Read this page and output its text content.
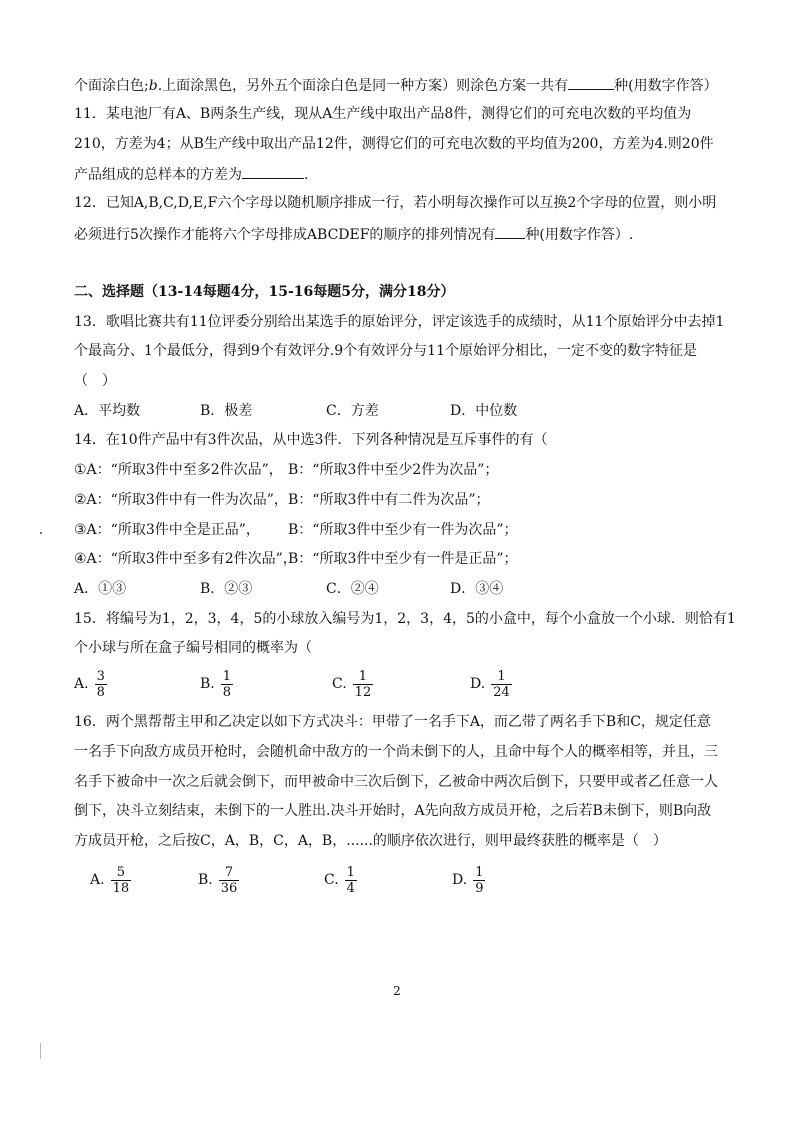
个面涂白色;b.上面涂黑色，另外五个面涂白色是同一种方案）则涂色方案一共有	种(用数字作答）
11．某电池厂有A、B两条生产线，现从A生产线中取出产品8件，测得它们的可充电次数的平均值为
210，方差为4；从B生产线中取出产品12件，测得它们的可充电次数的平均值为200，方差为4.则20件
产品组成的总样本的方差为	.
12．已知A,B,C,D,E,F六个字母以随机顺序排成一行，若小明每次操作可以互换2个字母的位置，则小明
必须进行5次操作才能将六个字母排成ABCDEF的顺序的排列情况有 种(用数字作答）.
二、选择题（13-14每题4分，15-16每题5分，满分18分）
13．歌唱比赛共有11位评委分别给出某选手的原始评分，评定该选手的成绩时，从11个原始评分中去掉1
个最高分、1个最低分，得到9个有效评分.9个有效评分与11个原始评分相比，一定不变的数字特征是
（　）
A．平均数	B．极差	C．方差	D．中位数
14．在10件产品中有3件次品，从中选3件．下列各种情况是互斥事件的有（
①A：“所取3件中至多2件次品”， B：“所取3件中至少2件为次品”；
②A：“所取3件中有一件为次品”， B：“所取3件中有二件为次品”；
③A：“所取3件中全是正品”， B：“所取3件中至少有一件为次品”；
④A：“所取3件中至多有2件次品”，
B：“所取3件中至少有一件是正品”；
A．①③	B．②③	C．②④	D．③④
15．将编号为1，2，3，4，5的小球放入编号为1，2，3，4，5的小盒中，每个小盒放一个小球．则恰有1
个小球与所在盒子编号相同的概率为（
A. $\frac{3}{8}$	B. $\frac{1}{8}$	C. $\frac{1}{12}$	D. $\frac{1}{24}$
16．两个黑帮帮主甲和乙决定以如下方式决斗：甲带了一名手下A，而乙带了两名手下B和C，规定任意
一名手下向敌方成员开枪时，会随机命中敌方的一个尚未倒下的人，且命中每个人的概率相等，并且，三
名手下被命中一次之后就会倒下，而甲被命中三次后倒下，乙被命中两次后倒下，只要甲或者乙任意一人
倒下，决斗立刻结束，未倒下的一人胜出.决斗开始时，A先向敌方成员开枪，之后若B未倒下，则B向敌
方成员开枪，之后按C，A，B，C，A，B，......的顺序依次进行，则甲最终获胜的概率是（　）
A. $\frac{5}{18}$	B. $\frac{7}{36}$	C. $\frac{1}{4}$	D. $\frac{1}{9}$
2
